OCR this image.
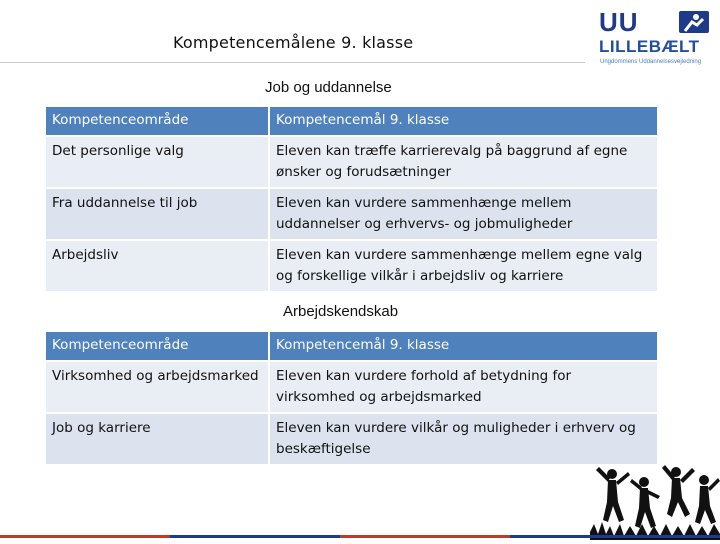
Kompetencemålene 9. klasse
UU
LILLEBÆLT
Ungdommens Uddannelsesvejledning
Job og uddannelse
Kompetenceområde	Kompetencemål 9. klasse
Det personlige valg	Eleven kan træffe karrierevalg på baggrund af egne ønsker og forudsætninger
Fra uddannelse til job	Eleven kan vurdere sammenhænge mellem uddannelser og erhvervs- og jobmuligheder
Arbejdsliv	Eleven kan vurdere sammenhænge mellem egne valg og forskellige vilkår i arbejdsliv og karriere
Arbejdskendskab
Kompetenceområde	Kompetencemål 9. klasse
Virksomhed og arbejdsmarked	Eleven kan vurdere forhold af betydning for virksomhed og arbejdsmarked
Job og karriere	Eleven kan vurdere vilkår og muligheder i erhverv og beskæftigelse
